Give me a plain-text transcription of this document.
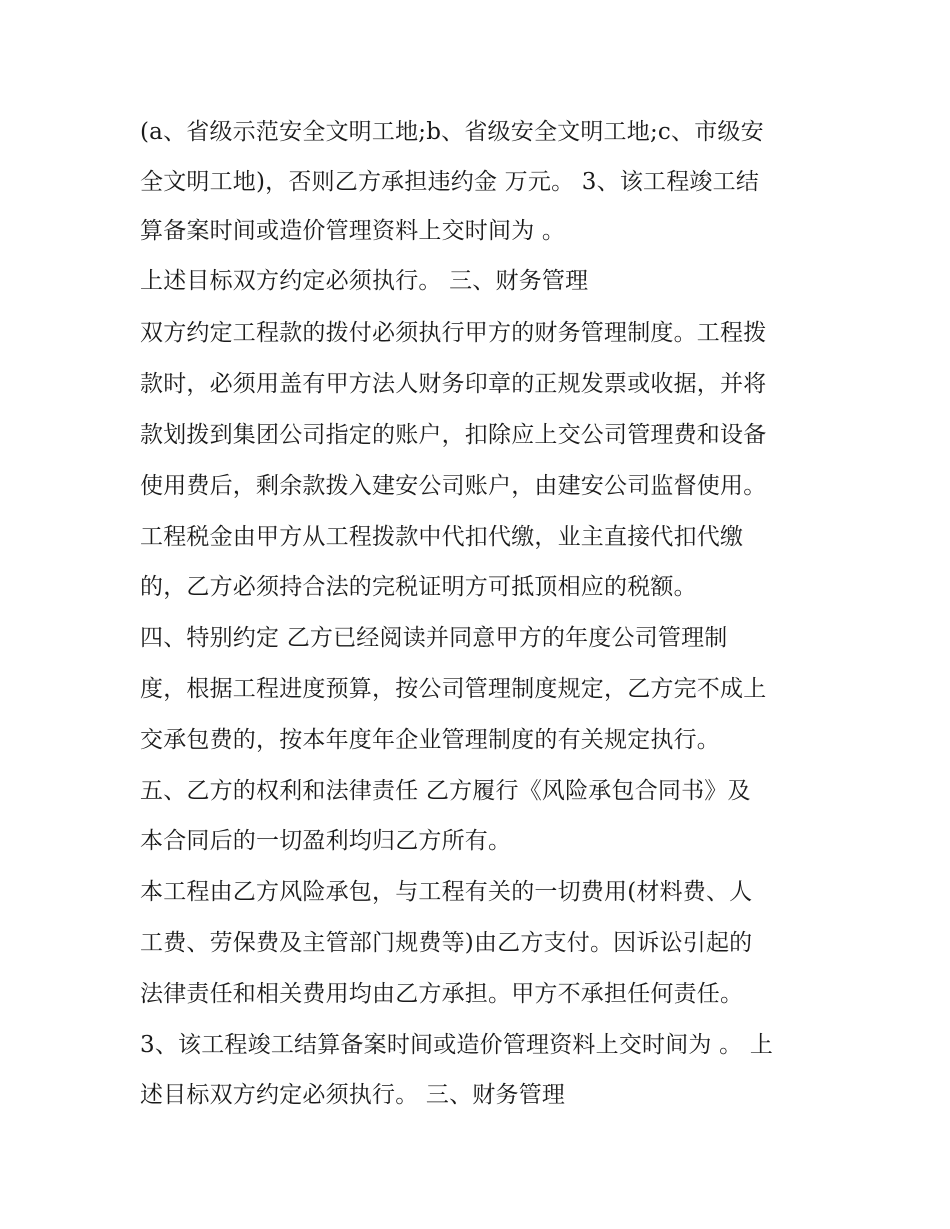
(a、省级示范安全文明工地;b、省级安全文明工地;c、市级安
全文明工地)，否则乙方承担违约金 万元。 3、该工程竣工结
算备案时间或造价管理资料上交时间为 。
上述目标双方约定必须执行。 三、财务管理
双方约定工程款的拨付必须执行甲方的财务管理制度。工程拨
款时，必须用盖有甲方法人财务印章的正规发票或收据，并将
款划拨到集团公司指定的账户，扣除应上交公司管理费和设备
使用费后，剩余款拨入建安公司账户，由建安公司监督使用。
工程税金由甲方从工程拨款中代扣代缴，业主直接代扣代缴
的，乙方必须持合法的完税证明方可抵顶相应的税额。
四、特别约定 乙方已经阅读并同意甲方的年度公司管理制
度，根据工程进度预算，按公司管理制度规定，乙方完不成上
交承包费的，按本年度年企业管理制度的有关规定执行。
五、乙方的权利和法律责任 乙方履行《风险承包合同书》及
本合同后的一切盈利均归乙方所有。
本工程由乙方风险承包，与工程有关的一切费用(材料费、人
工费、劳保费及主管部门规费等)由乙方支付。因诉讼引起的
法律责任和相关费用均由乙方承担。甲方不承担任何责任。
3、该工程竣工结算备案时间或造价管理资料上交时间为 。 上
述目标双方约定必须执行。 三、财务管理
